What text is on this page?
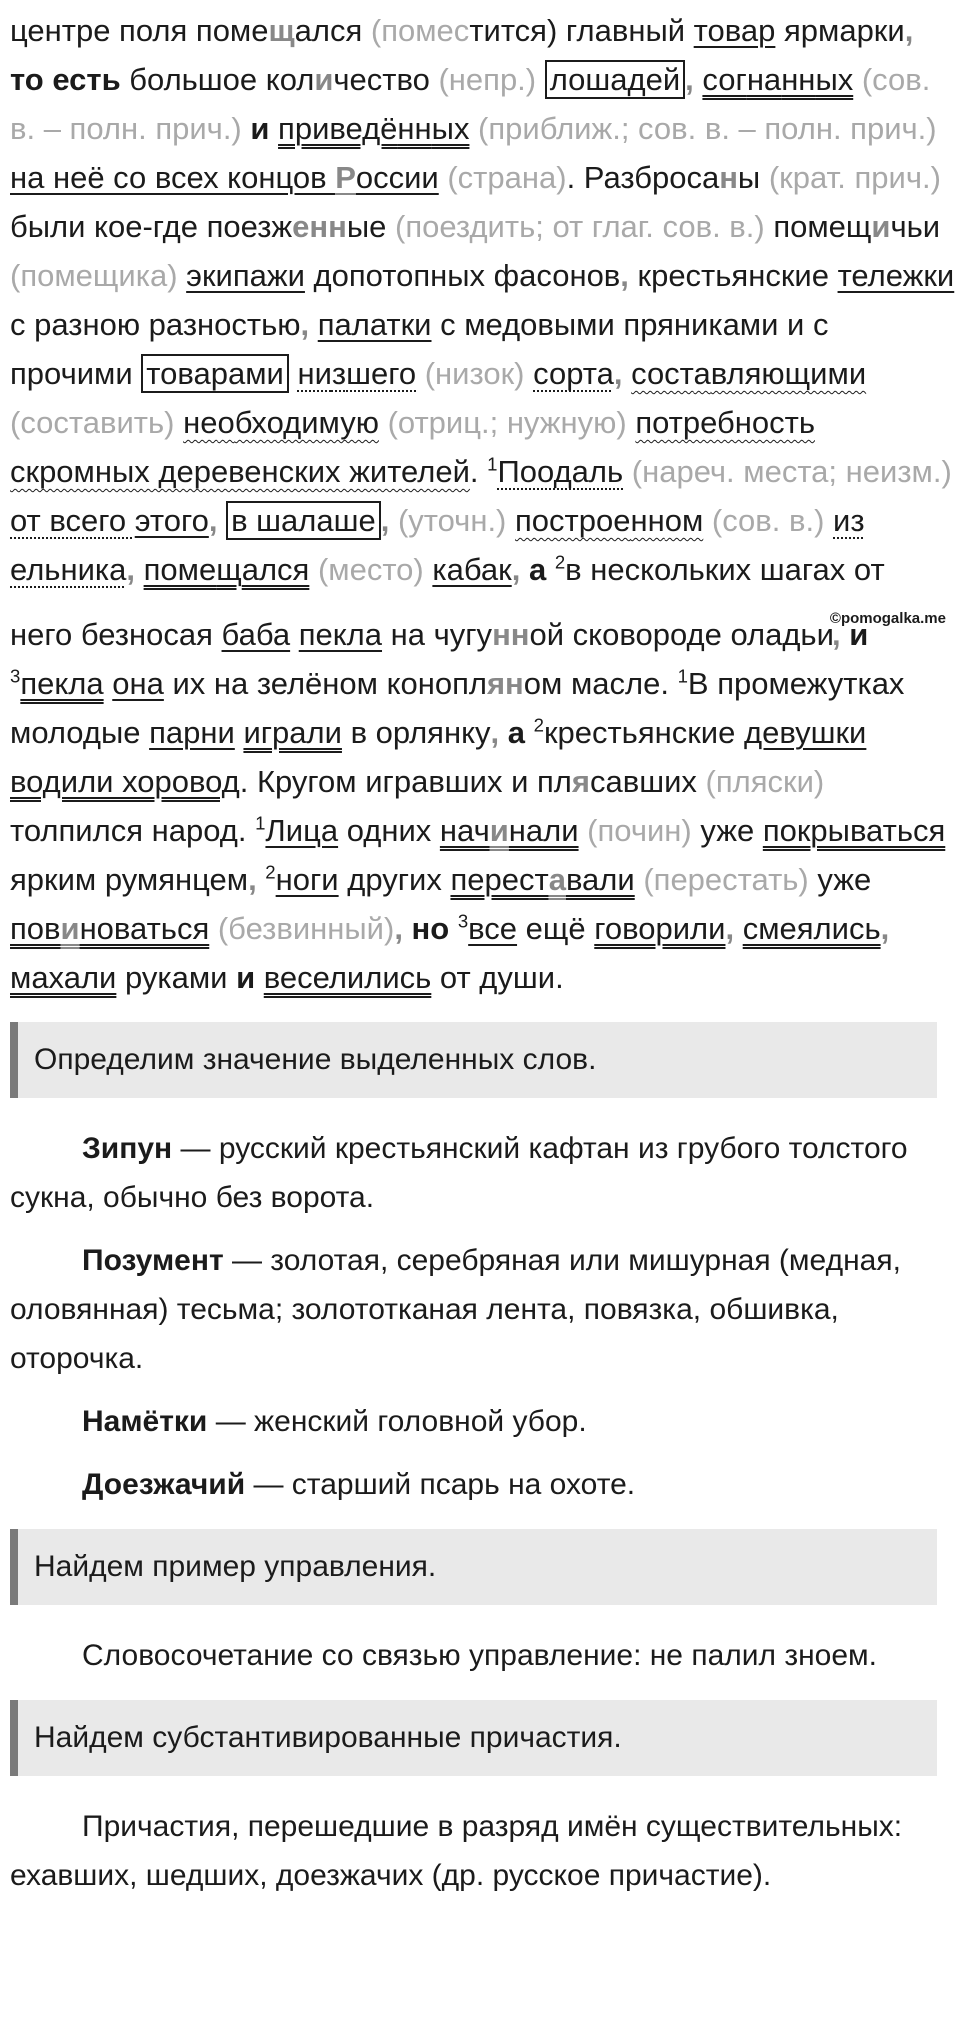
центре поля помещался (поместится) главный товар ярмарки, то есть большое количество (непр.) лошадей , согнанных (сов. в. – полн. прич.) и приведённых (приближ.; сов. в. – полн. прич.) на неё со всех концов России (страна). Разбросаны (крат. прич.) были кое-где поезженные (поездить; от глаг. сов. в.) помещичьи (помещика) экипажи допотопных фасонов, крестьянские тележки с разною разностью, палатки с медовыми пряниками и с прочими товарами низшего (низок) сорта, составляющими (составить) необходимую (отриц.; нужную) потребность скромных деревенских жителей. $^1$Поодаль (нареч. места; неизм.) от всего этого, в шалаше , (уточн.) построенном (сов. в.) из ельника, помещался (место) кабак, а $^2$в нескольких шагах от него безносая баба пекла на чугунной сковороде оладьи$^{©pomogalka.me}$, и $^3$пекла она их на зелёном конопляном масле. $^1$В промежутках молодые парни играли в орлянку, а $^2$крестьянские девушки водили хоровод. Кругом игравших и плясавших (пляски) толпился народ. $^1$Лица одних начинали (почин) уже покрываться ярким румянцем, $^2$ноги других переставали (перестать) уже повиноваться (безвинный), но $^3$все ещё говорили, смеялись, махали руками и веселились от души.

Определим значение выделенных слов.

Зипун — русский крестьянский кафтан из грубого толстого сукна, обычно без ворота.

Позумент — золотая, серебряная или мишурная (медная, оловянная) тесьма; золототканая лента, повязка, обшивка, оторочка.

Намётки — женский головной убор.

Доезжачий — старший псарь на охоте.

Найдем пример управления.

Словосочетание со связью управление: не палил зноем.

Найдем субстантивированные причастия.

Причастия, перешедшие в разряд имён существительных: ехавших, шедших, доезжачих (др. русское причастие).
